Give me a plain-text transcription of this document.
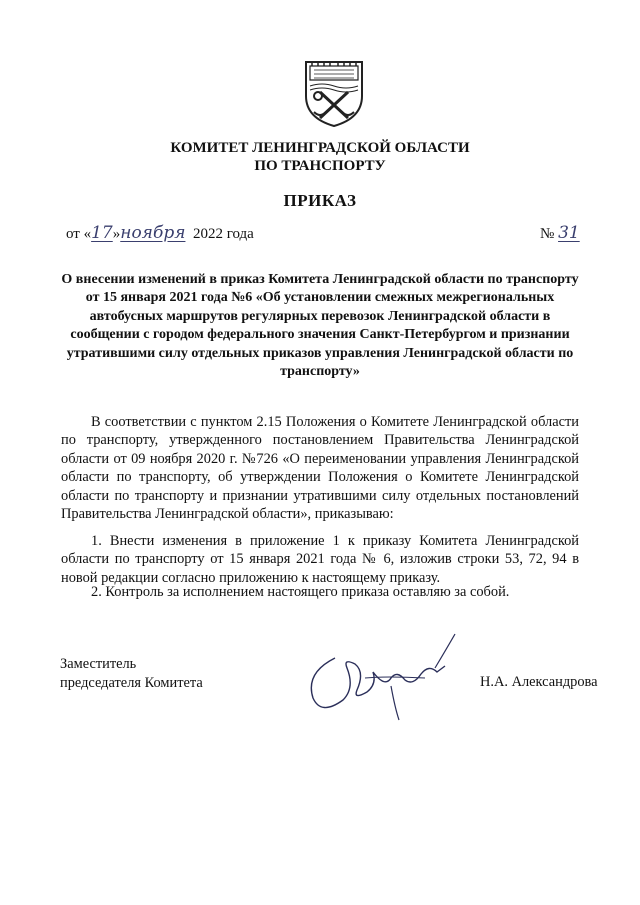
КОМИТЕТ ЛЕНИНГРАДСКОЙ ОБЛАСТИ
ПО ТРАНСПОРТУ
ПРИКАЗ
от «17»ноября 2022 года	№ 31
О внесении изменений в приказ Комитета Ленинградской области по транспорту от 15 января 2021 года №6 «Об установлении смежных межрегиональных автобусных маршрутов регулярных перевозок Ленинградской области в сообщении с городом федерального значения Санкт-Петербургом и признании утратившими силу отдельных приказов управления Ленинградской области по транспорту»

В соответствии с пунктом 2.15 Положения о Комитете Ленинградской области по транспорту, утвержденного постановлением Правительства Ленинградской области от 09 ноября 2020 г. №726 «О переименовании управления Ленинградской области по транспорту, об утверждении Положения о Комитете Ленинградской области по транспорту и признании утратившими силу отдельных постановлений Правительства Ленинградской области», приказываю:

1. Внести изменения в приложение 1 к приказу Комитета Ленинградской области по транспорту от 15 января 2021 года № 6, изложив строки 53, 72, 94 в новой редакции согласно приложению к настоящему приказу.

2. Контроль за исполнением настоящего приказа оставляю за собой.

Заместитель
председателя Комитета	Н.А. Александрова
